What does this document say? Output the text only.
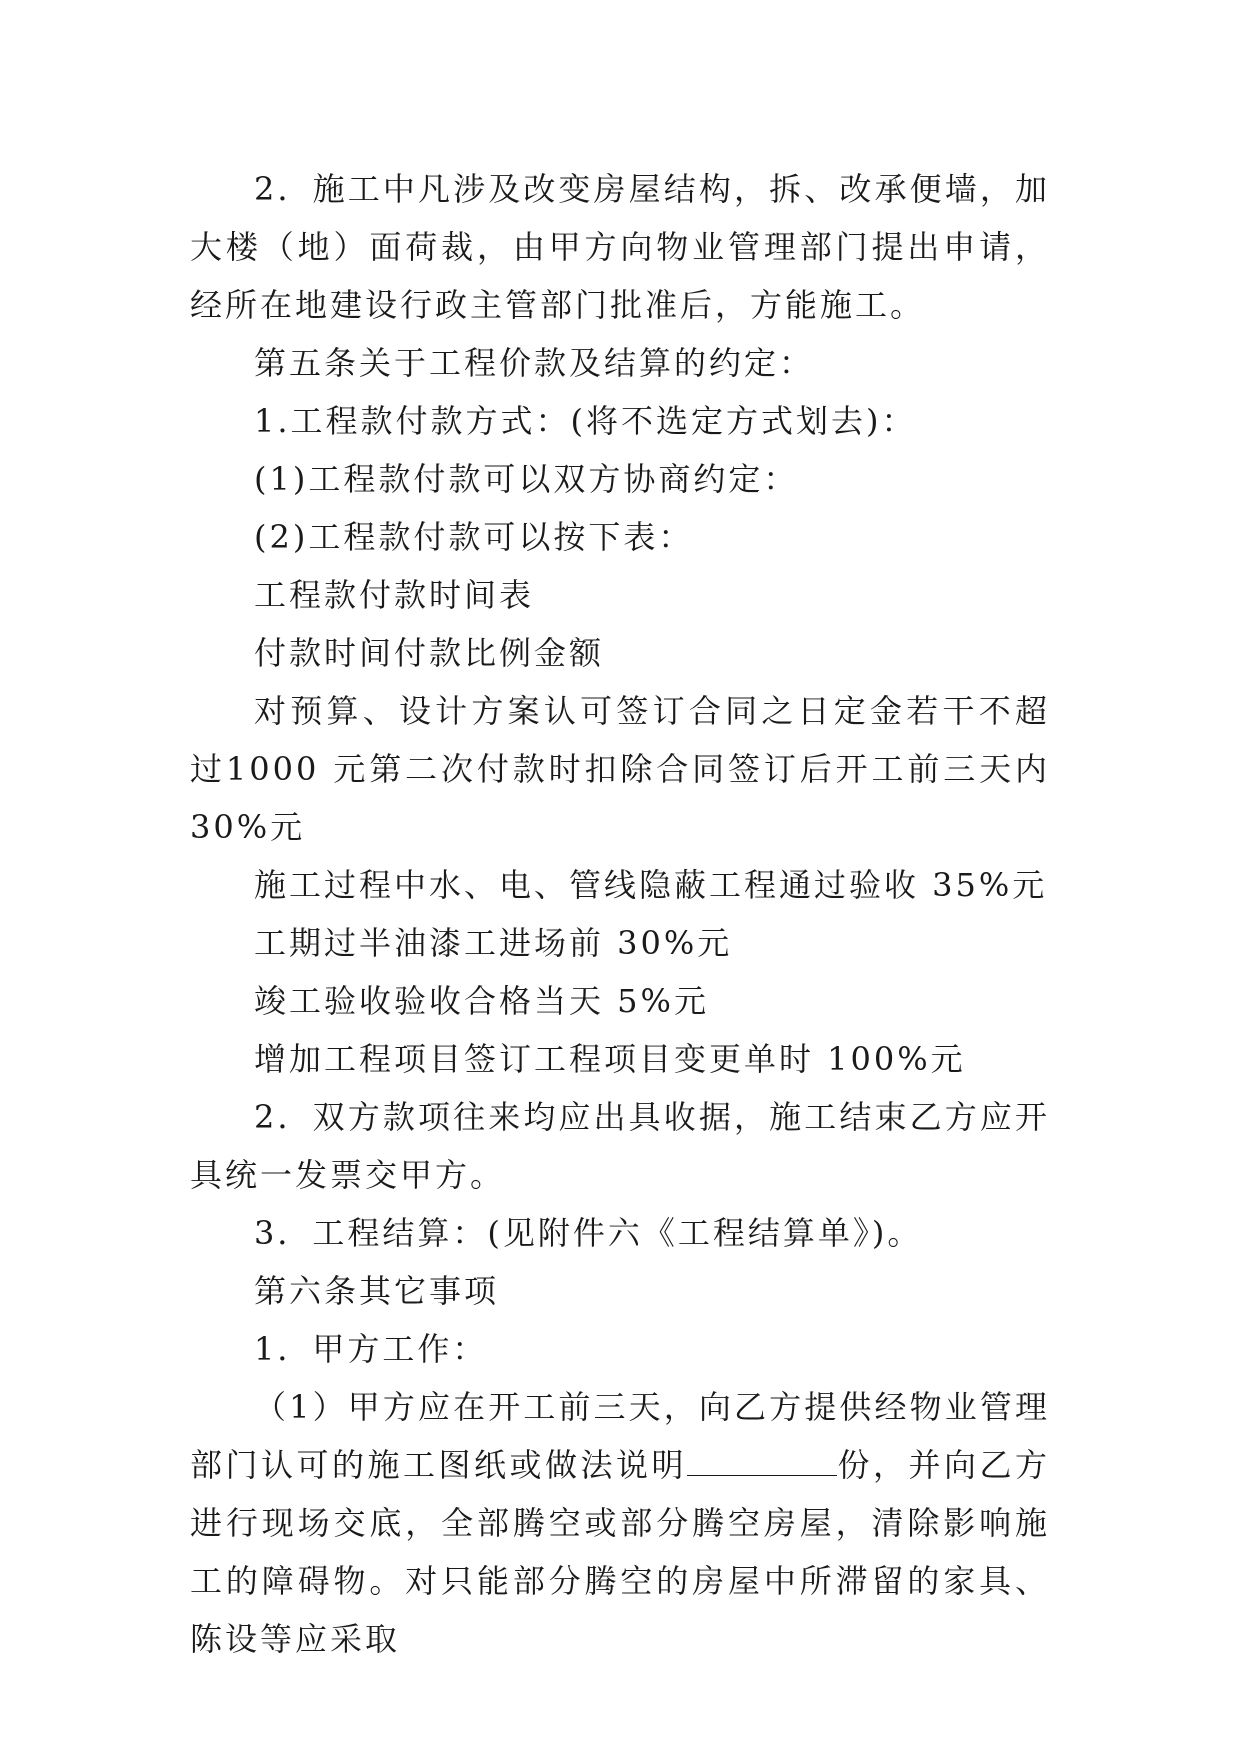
2．施工中凡涉及改变房屋结构，拆、改承便墙，加大楼（地）面荷裁，由甲方向物业管理部门提出申请，经所在地建设行政主管部门批准后，方能施工。

第五条关于工程价款及结算的约定：

1.工程款付款方式：(将不选定方式划去)：

(1)工程款付款可以双方协商约定：

(2)工程款付款可以按下表：

工程款付款时间表

付款时间付款比例金额

对预算、设计方案认可签订合同之日定金若干不超过1000 元第二次付款时扣除合同签订后开工前三天内 30%元

施工过程中水、电、管线隐蔽工程通过验收 35%元

工期过半油漆工进场前 30%元

竣工验收验收合格当天 5%元

增加工程项目签订工程项目变更单时 100%元

2．双方款项往来均应出具收据，施工结束乙方应开具统一发票交甲方。

3．工程结算：(见附件六《工程结算单》)。

第六条其它事项

1．甲方工作：

（1）甲方应在开工前三天，向乙方提供经物业管理部门认可的施工图纸或做法说明	份，并向乙方进行现场交底，全部腾空或部分腾空房屋，清除影响施工的障碍物。对只能部分腾空的房屋中所滞留的家具、陈设等应采取
